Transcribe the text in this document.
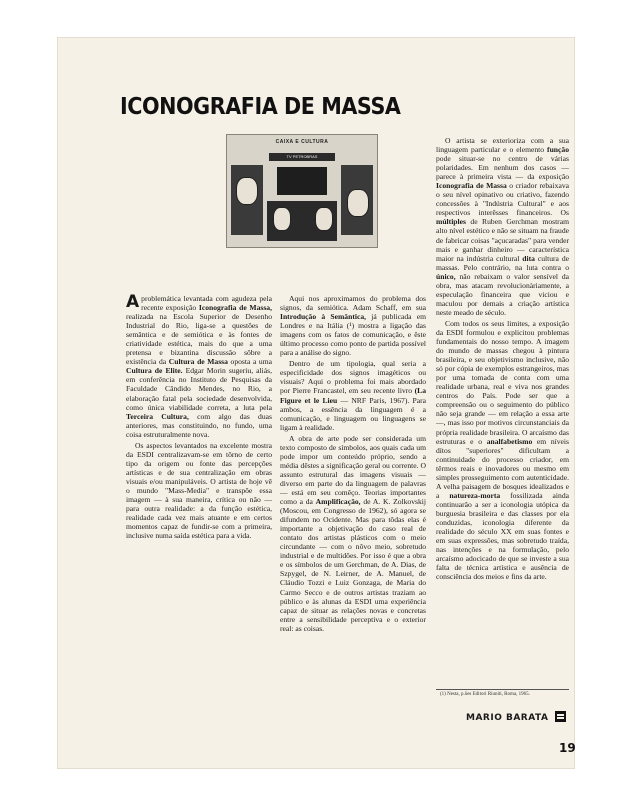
ICONOGRAFIA DE MASSA
CAIXA E CULTURA
TV PETROBRAS

A problemática levantada com agudeza pela recente exposição Iconografia de Massa, realizada na Escola Superior de Desenho Industrial do Rio, liga-se a questões de semântica e de semiótica e às fontes de criatividade estética, mais do que a uma pretensa e bizantina discussão sôbre a existência da Cultura de Massa oposta a uma Cultura de Elite. Edgar Morin sugeriu, aliás, em conferência no Instituto de Pesquisas da Faculdade Cândido Mendes, no Rio, a elaboração fatal pela sociedade desenvolvida, como única viabilidade correta, a luta pela Terceira Cultura, com algo das duas anteriores, mas constituindo, no fundo, uma coisa estruturalmente nova.

Os aspectos levantados na excelente mostra da ESDI centralizavam-se em tôrno de certo tipo da origem ou fonte das percepções artísticas e de sua centralização em obras visuais e/ou manipuláveis. O artista de hoje vê o mundo "Mass-Media" e transpõe essa imagem — à sua maneira, crítica ou não — para outra realidade: a da função estética, realidade cada vez mais atuante e em certos momentos capaz de fundir-se com a primeira, inclusive numa saída estética para a vida.

Aqui nos aproximamos do problema dos signos, da semiótica. Adam Schaff, em sua Introdução à Semântica, já publicada em Londres e na Itália (¹) mostra a ligação das imagens com os fatos de comunicação, e êste último processo como ponto de partida possível para a análise do signo.

Dentro de um tipologia, qual seria a especificidade dos signos imagéticos ou visuais? Aqui o problema foi mais abordado por Pierre Francastel, em seu recente livro (La Figure et le Lieu — NRF Paris, 1967). Para ambos, a essência da linguagem é a comunicação, e linguagem ou linguagens se ligam à realidade.

A obra de arte pode ser considerada um texto composto de símbolos, aos quais cada um pode impor um conteúdo próprio, sendo a média dêstes a significação geral ou corrente. O assunto estrutural das imagens visuais — diverso em parte do da linguagem de palavras — está em seu comêço. Teorias importantes como a da Amplificação, de A. K. Zolkovskij (Moscou, em Congresso de 1962), só agora se difundem no Ocidente. Mas para tôdas elas é importante a objetivação do caso real de contato dos artistas plásticos com o meio circundante — com o nôvo meio, sobretudo industrial e de multidões. Por isso é que a obra e os símbolos de um Gerchman, de A. Dias, de Szpygel, de N. Leirner, de A. Manuel, de Cláudio Tozzi e Luiz Gonzaga, de Maria do Carmo Secco e de outros artistas traziam ao público e às alunas da ESDI uma experiência capaz de situar as relações novas e concretas entre a sensibilidade perceptiva e o exterior real: as coisas.

O artista se exterioriza com a sua linguagem particular e o elemento função pode situar-se no centro de várias polaridades. Em nenhum dos casos — parece à primeira vista — da exposição Iconografia de Massa o criador rebaixava o seu nível opinativo ou criativo, fazendo concessões à "Indústria Cultural" e aos respectivos interêsses financeiros. Os múltiples de Ruben Gerchman mostram alto nível estético e não se situam na fraude de fabricar coisas "açucaradas" para vender mais e ganhar dinheiro — característica maior na indústria cultural dita cultura de massas. Pelo contrário, na luta contra o único, não rebaixam o valor sensível da obra, mas atacam revolucionàriamente, a especulação financeira que viciou e maculou por demais a criação artística neste meado de século.

Com todos os seus limites, a exposição da ESDI formulou e explicitou problemas fundamentais do nosso tempo. A imagem do mundo de massas chegou à pintura brasileira, e seu objetivismo inclusive, não só por cópia de exemplos estrangeiros, mas por uma tomada de conta com uma realidade urbana, real e viva nos grandes centros do País. Pode ser que a compreensão ou o seguimento do público não seja grande — em relação a essa arte —, mas isso por motivos circunstanciais da própria realidade brasileira. O arcaísmo das estruturas e o analfabetismo em níveis dítos "superiores" dificultam a continuidade do processo criador, em têrmos reais e inovadores ou mesmo em simples prosseguimento com autenticidade. A velha paisagem de bosques idealizados e a natureza-morta fossilizada ainda continuarão a ser a iconologia utópica da burguesia brasileira e das classes por ela conduzidas, iconologia diferente da realidade do século XX em suas fontes e em suas expressões, mas sobretudo traída, nas intenções e na formulação, pelo arcaísmo adocicado de que se investe a sua falta de técnica artística e ausência de consciência dos meios e fins da arte.

(1) Nesta, p.ões Editori Riuniti, Roma, 1965.

MARIO BARATA

19
